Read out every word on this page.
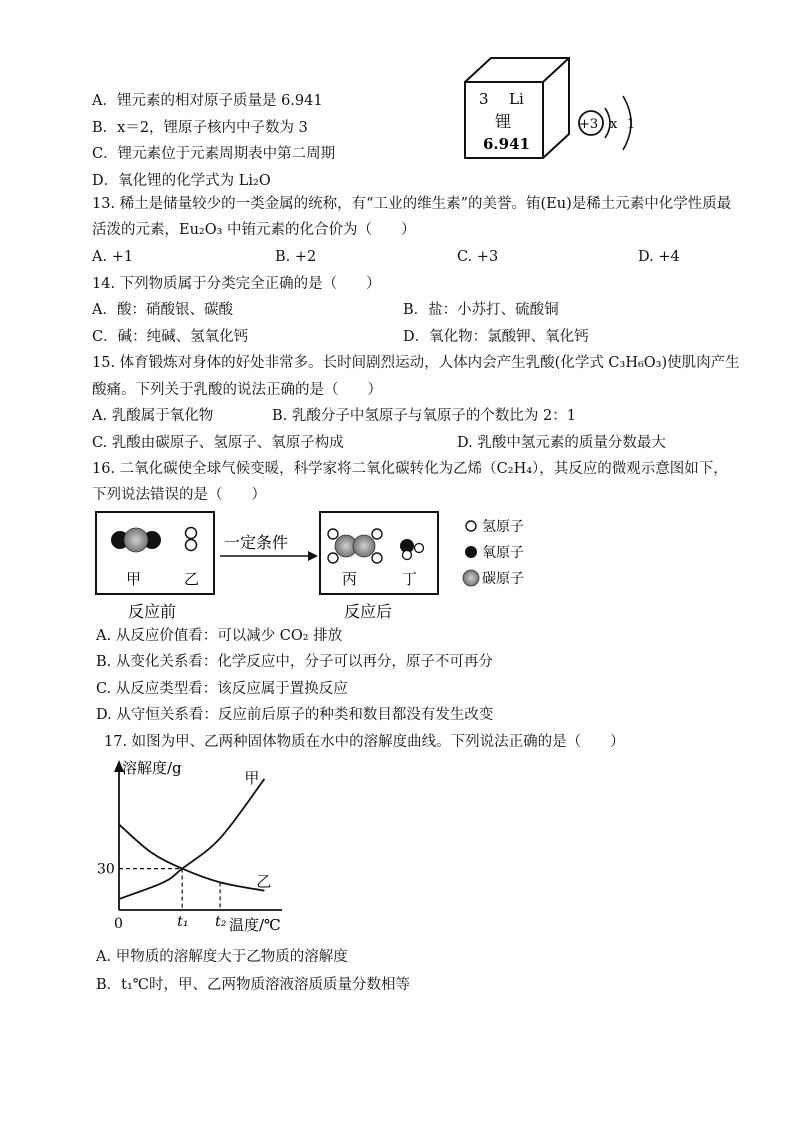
A．锂元素的相对原子质量是 6.941
B．x＝2，锂原子核内中子数为 3
C．锂元素位于元素周期表中第二周期
D．氧化锂的化学式为 Li₂O
3 Li
锂
6.941
+3 x 1
13. 稀土是储量较少的一类金属的统称，有“工业的维生素”的美誉。铕(Eu)是稀土元素中化学性质最
活泼的元素，Eu₂O₃ 中铕元素的化合价为（　　）
A. +1	B. +2	C. +3	D. +4
14. 下列物质属于分类完全正确的是（　　）
A．酸：硝酸银、碳酸	B．盐：小苏打、硫酸铜
C．碱：纯碱、氢氧化钙	D．氧化物：氯酸钾、氧化钙
15. 体育锻炼对身体的好处非常多。长时间剧烈运动，人体内会产生乳酸(化学式 C₃H₆O₃)使肌肉产生
酸痛。下列关于乳酸的说法正确的是（　　）
A. 乳酸属于氧化物	B. 乳酸分子中氢原子与氧原子的个数比为 2：1
C. 乳酸由碳原子、氢原子、氧原子构成	D. 乳酸中氢元素的质量分数最大
16. 二氧化碳使全球气候变暖，科学家将二氧化碳转化为乙烯（C₂H₄），其反应的微观示意图如下，
下列说法错误的是（　　）
甲	乙
反应前
一定条件
丙	丁
反应后
氢原子
氧原子
碳原子
A. 从反应价值看：可以减少 CO₂ 排放
B. 从变化关系看：化学反应中，分子可以再分，原子不可再分
C. 从反应类型看：该反应属于置换反应
D. 从守恒关系看：反应前后原子的种类和数目都没有发生改变
17. 如图为甲、乙两种固体物质在水中的溶解度曲线。下列说法正确的是（　　）
溶解度/g
温度/℃
0	t₁ t₂
30
甲
乙
A. 甲物质的溶解度大于乙物质的溶解度
B．t₁℃时，甲、乙两物质溶液溶质质量分数相等
